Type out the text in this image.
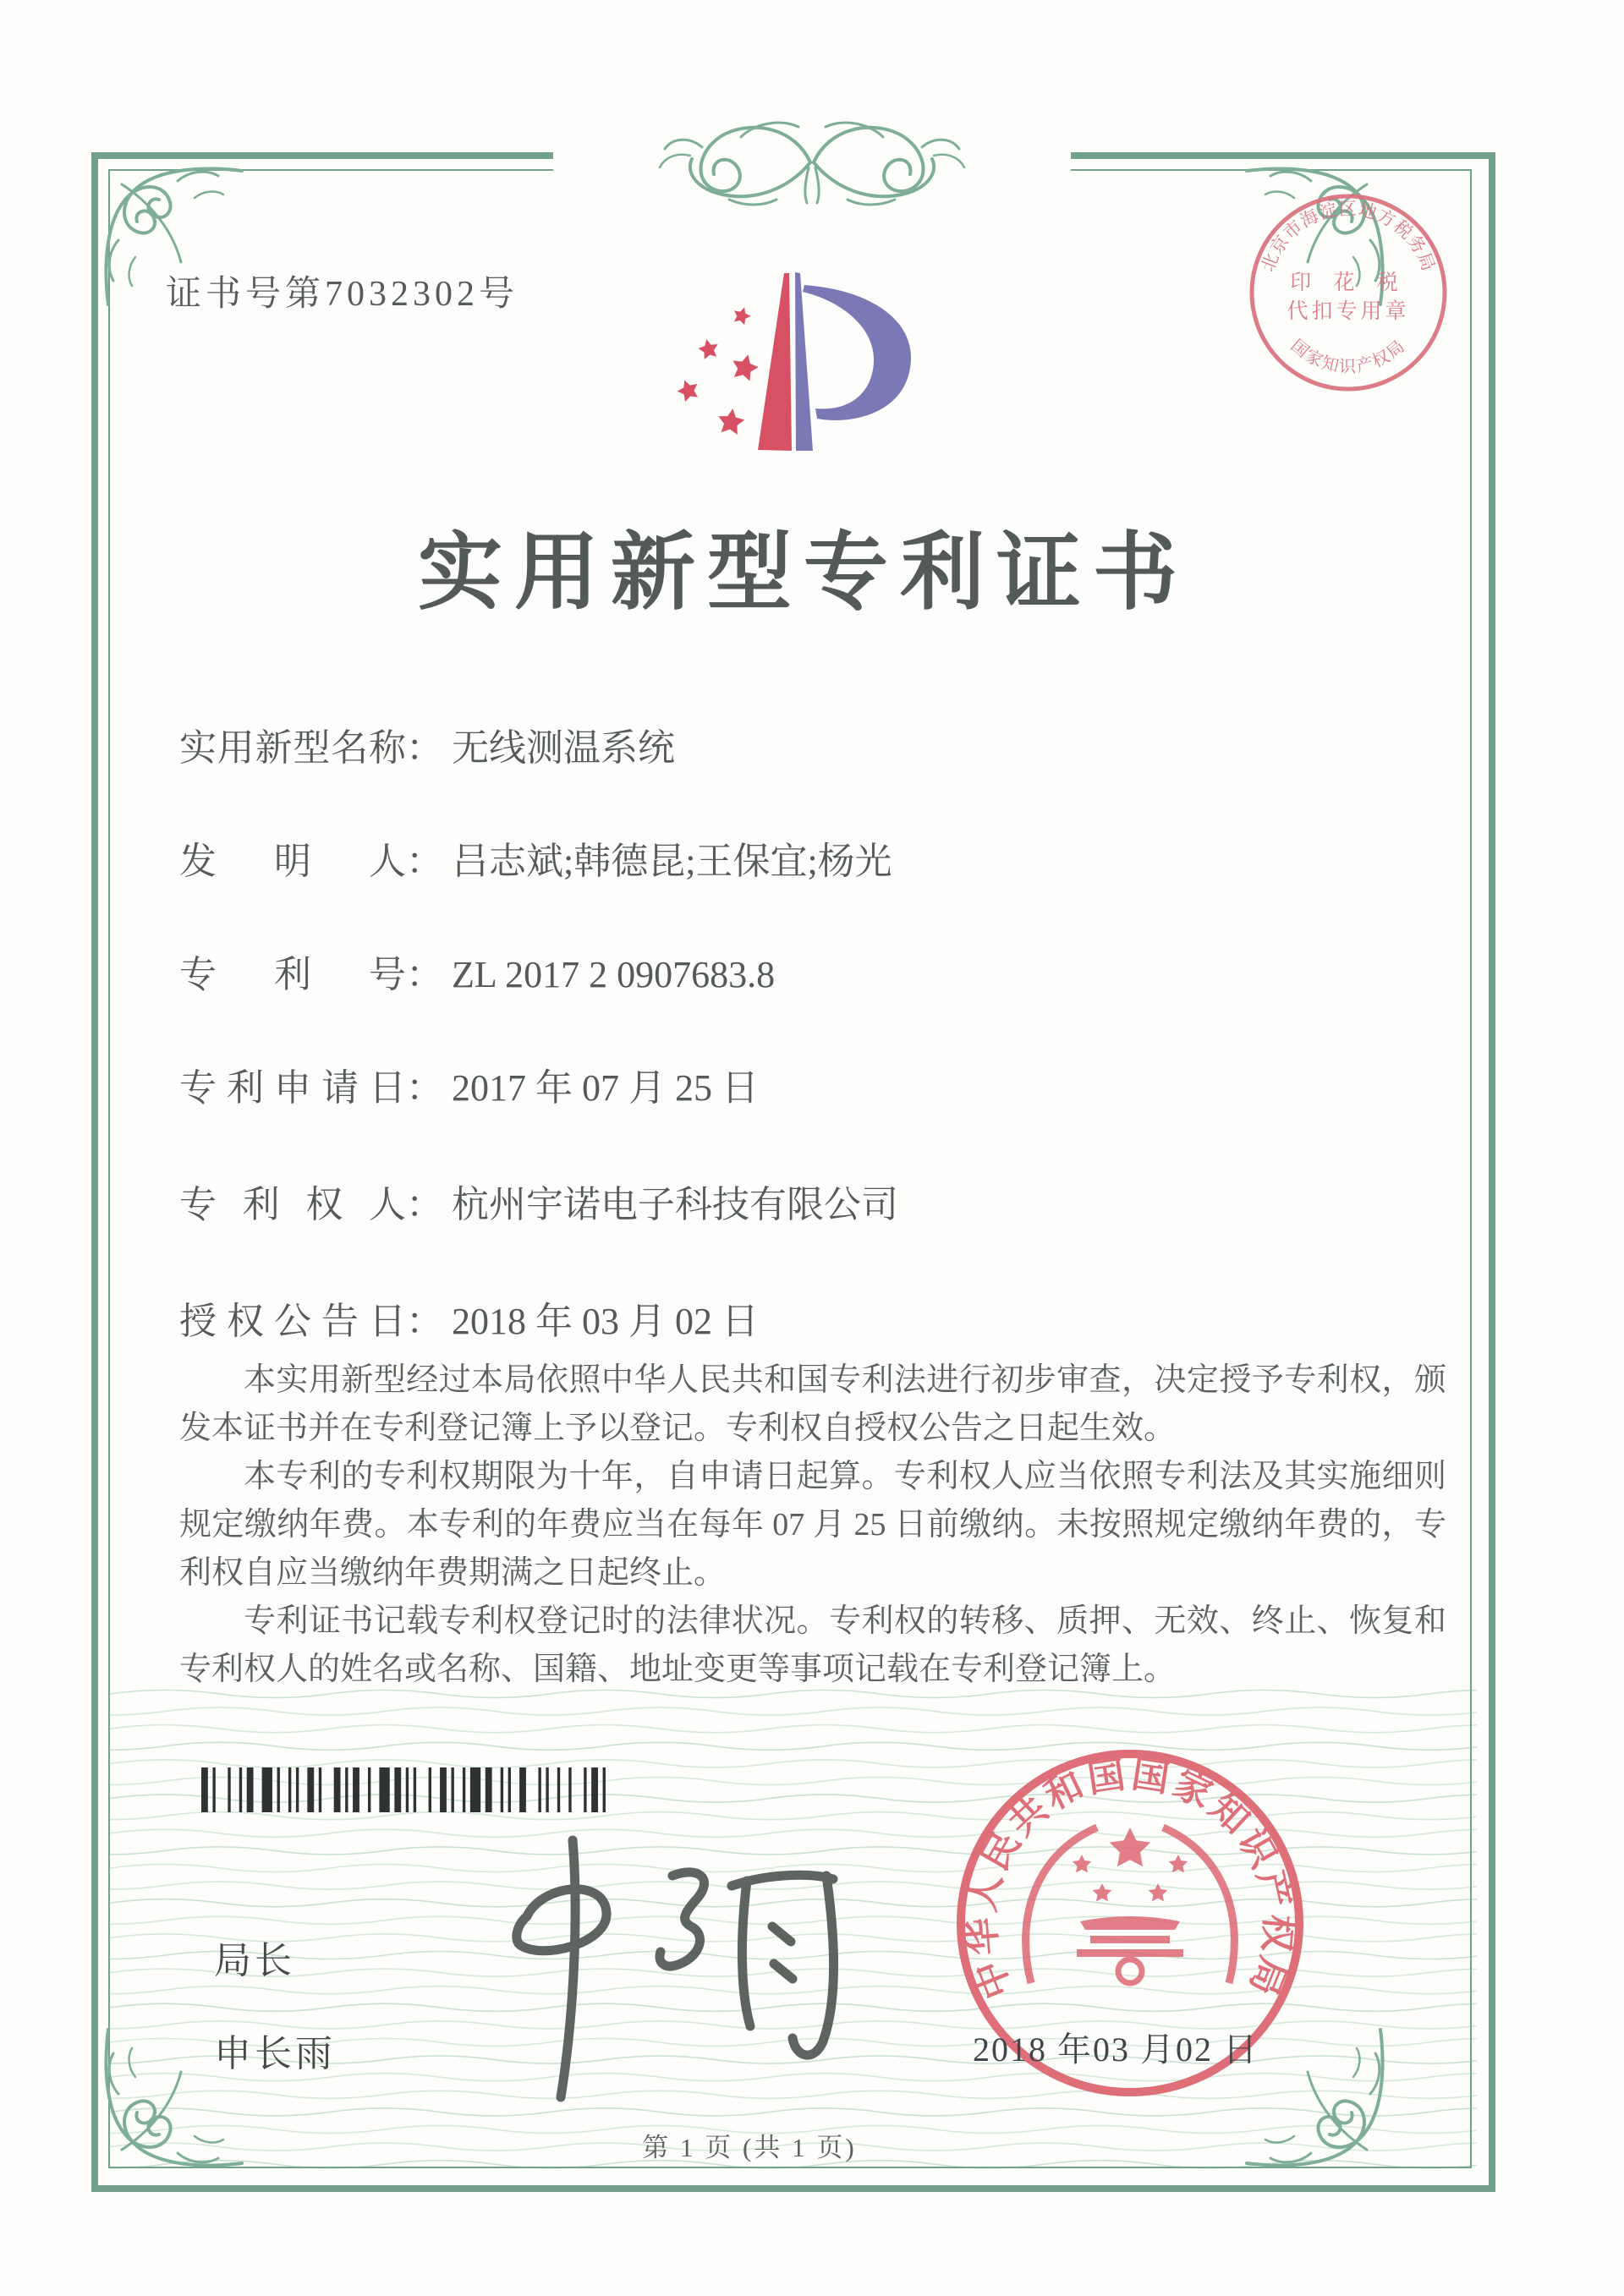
证书号第7032302号
北京市海淀区地方税务局
国家知识产权局
印 花 税
代扣专用章
实用新型专利证书
实用新型名称： 无线测温系统
发明人： 吕志斌;韩德昆;王保宜;杨光
专利号： ZL 2017 2 0907683.8
专利申请日： 2017 年 07 月 25 日
专利权人： 杭州宇诺电子科技有限公司
授权公告日： 2018 年 03 月 02 日

本实用新型经过本局依照中华人民共和国专利法进行初步审查，决定授予专利权，颁发本证书并在专利登记簿上予以登记。专利权自授权公告之日起生效。

本专利的专利权期限为十年，自申请日起算。专利权人应当依照专利法及其实施细则规定缴纳年费。本专利的年费应当在每年 07 月 25 日前缴纳。未按照规定缴纳年费的，专利权自应当缴纳年费期满之日起终止。

专利证书记载专利权登记时的法律状况。专利权的转移、质押、无效、终止、恢复和专利权人的姓名或名称、国籍、地址变更等事项记载在专利登记簿上。

局长
申长雨
中华人民共和国国家知识产权局
2018 年03 月02 日
第 1 页 (共 1 页)
